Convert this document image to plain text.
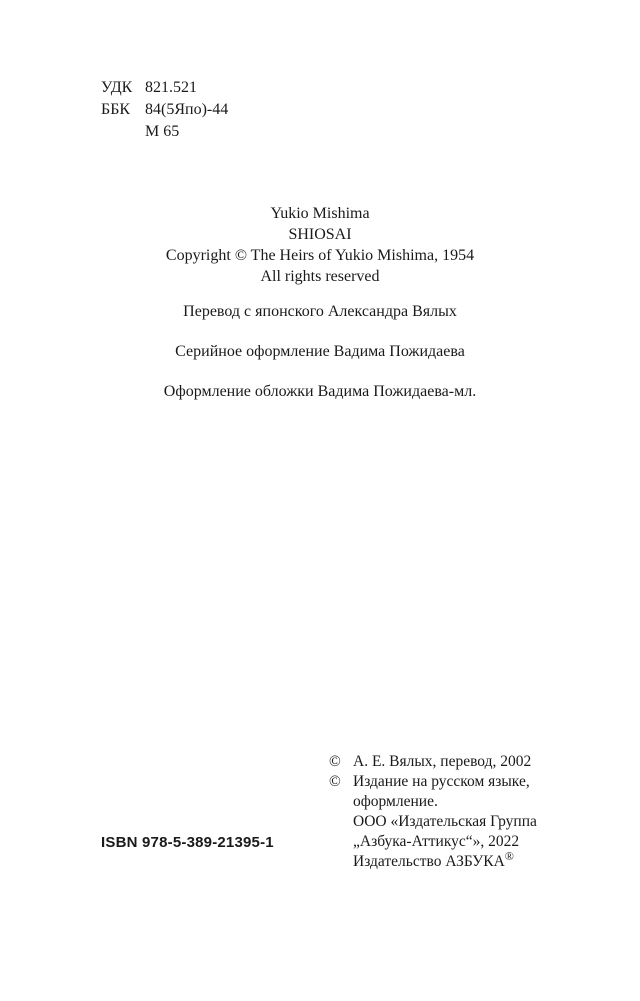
УДК 821.521
ББК 84(5Япо)-44
М 65
Yukio Mishima
SHIOSAI
Copyright © The Heirs of Yukio Mishima, 1954
All rights reserved
Перевод с японского Александра Вялых
Серийное оформление Вадима Пожидаева
Оформление обложки Вадима Пожидаева-мл.
© А. Е. Вялых, перевод, 2002
© Издание на русском языке,
оформление.
ООО «Издательская Группа
„Азбука-Аттикус“», 2022
Издательство АЗБУКА®
ISBN 978-5-389-21395-1
